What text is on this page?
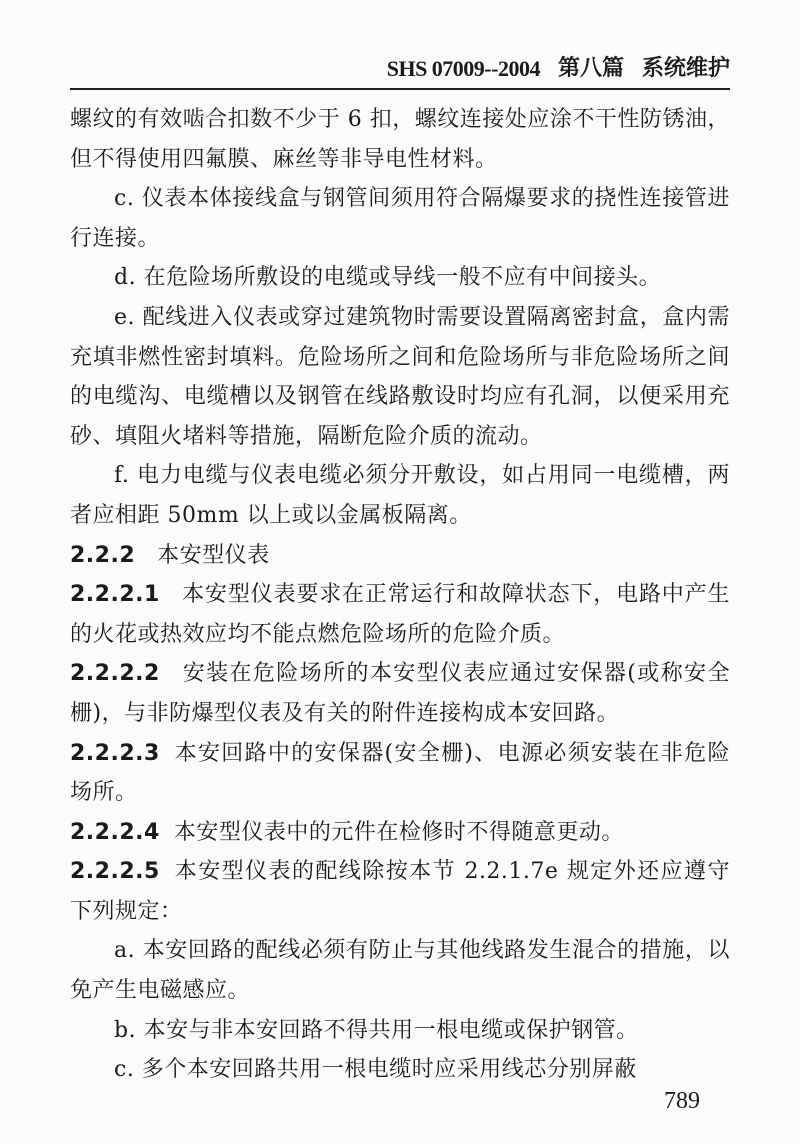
SHS 07009--2004 第八篇 系统维护

螺纹的有效啮合扣数不少于 6 扣，螺纹连接处应涂不干性防锈油，但不得使用四氟膜、麻丝等非导电性材料。

c. 仪表本体接线盒与钢管间须用符合隔爆要求的挠性连接管进行连接。

d. 在危险场所敷设的电缆或导线一般不应有中间接头。

e. 配线进入仪表或穿过建筑物时需要设置隔离密封盒，盒内需充填非燃性密封填料。危险场所之间和危险场所与非危险场所之间的电缆沟、电缆槽以及钢管在线路敷设时均应有孔洞，以便采用充砂、填阻火堵料等措施，隔断危险介质的流动。

f. 电力电缆与仪表电缆必须分开敷设，如占用同一电缆槽，两者应相距 50mm 以上或以金属板隔离。

2.2.2 本安型仪表

2.2.2.1 本安型仪表要求在正常运行和故障状态下，电路中产生的火花或热效应均不能点燃危险场所的危险介质。

2.2.2.2 安装在危险场所的本安型仪表应通过安保器(或称安全栅)，与非防爆型仪表及有关的附件连接构成本安回路。

2.2.2.3 本安回路中的安保器(安全栅)、电源必须安装在非危险场所。

2.2.2.4 本安型仪表中的元件在检修时不得随意更动。

2.2.2.5 本安型仪表的配线除按本节 2.2.1.7e 规定外还应遵守下列规定：

a. 本安回路的配线必须有防止与其他线路发生混合的措施，以免产生电磁感应。

b. 本安与非本安回路不得共用一根电缆或保护钢管。

c. 多个本安回路共用一根电缆时应采用线芯分别屏蔽

789
